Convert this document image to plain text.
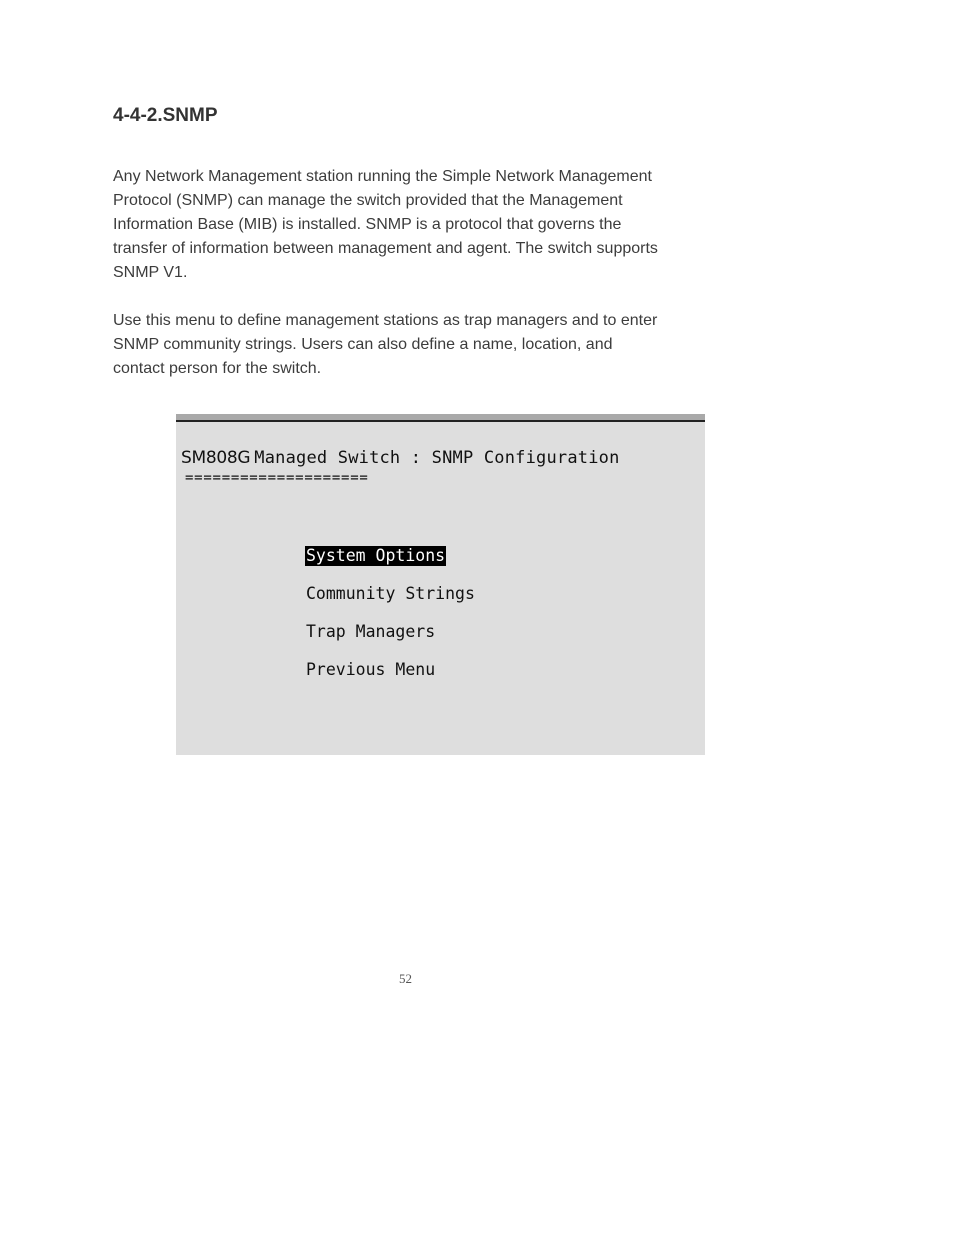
4-4-2.SNMP

Any Network Management station running the Simple Network Management
Protocol (SNMP) can manage the switch provided that the Management
Information Base (MIB) is installed. SNMP is a protocol that governs the
transfer of information between management and agent. The switch supports
SNMP V1.

Use this menu to define management stations as trap managers and to enter
SNMP community strings. Users can also define a name, location, and
contact person for the switch.

SM808G Managed Switch : SNMP Configuration
====================
System Options
Community Strings
Trap Managers
Previous Menu
52
